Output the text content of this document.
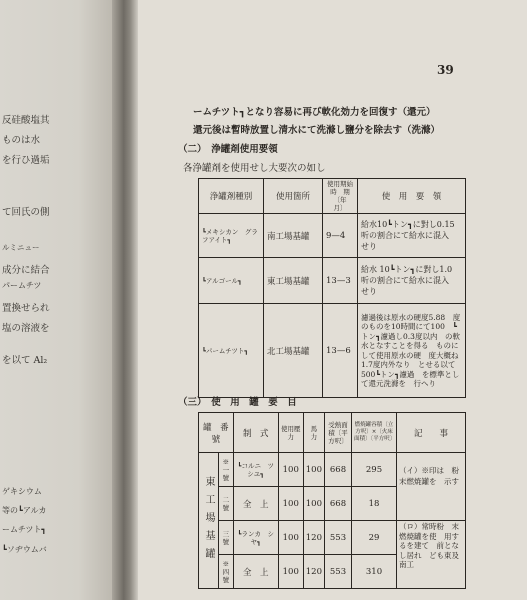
反硅酸塩其
ものは水
を行ひ過垢
て回氏の側
ルミニュー
成分に結合
パームチツ
置換せられ
塩の溶液を
を以て Al₂
ゲキシウム
等の┗アルカ
ームチツト┓
┗ソヂウムバ
39
ームチツト┓となり容易に再び軟化効力を回復す（還元）
還元後は暫時放置し清水にて洗滌し鹽分を除去す（洗滌）
（二）　浄罐剤使用要領
各浄罐剤を使用せし大要次の如し
浄罐剤種別	使用箇所	使用期始時　期〔年　月〕	使　用　要　領
┗メキシカン　グラフアイト┓	南工場基罐	9—4	給水10┗トン┓に對し0.15　听の割合にて給水に混入　せり
┗アルゴール┓	東工場基罐	13—3	給水 10┗トン┓に對し1.0　听の割合にて給水に混入　せり
┗パームチツト┓	北工場基罐	13—6	濾過後は原水の硬度5.88　度のものを10時間にて100　┗トン┓濾過し0.3度以内　の軟水となすことを得る　ものにして使用原水の硬　度大概ね1.7度内外なり　とせる以て 500┗トン┓濾過　を標準として還元洗滌を　行へり
（三）　使　用　罐　要　目
罐　番號		制　式	使用壓力	馬　力	受熱面積〔平方呎〕	燃焼罐容積〔立方呎〕×〔火床面積〕〔平方呎〕	記　　事
東工場基罐	※一號	┗コルニ　ツシユ┓	100	100	668	295	（イ）※印は　粉末燃焼罐を　示す
	二號	全　上	100	100	668	18	
	三號	┗ランカ　シヤ┓	100	120	553	29	（ロ）常時粉　末燃焼罐を使　用するを建て　前となし居れ　ども東及南工
	※四號	全　上	100	120	553	310	
